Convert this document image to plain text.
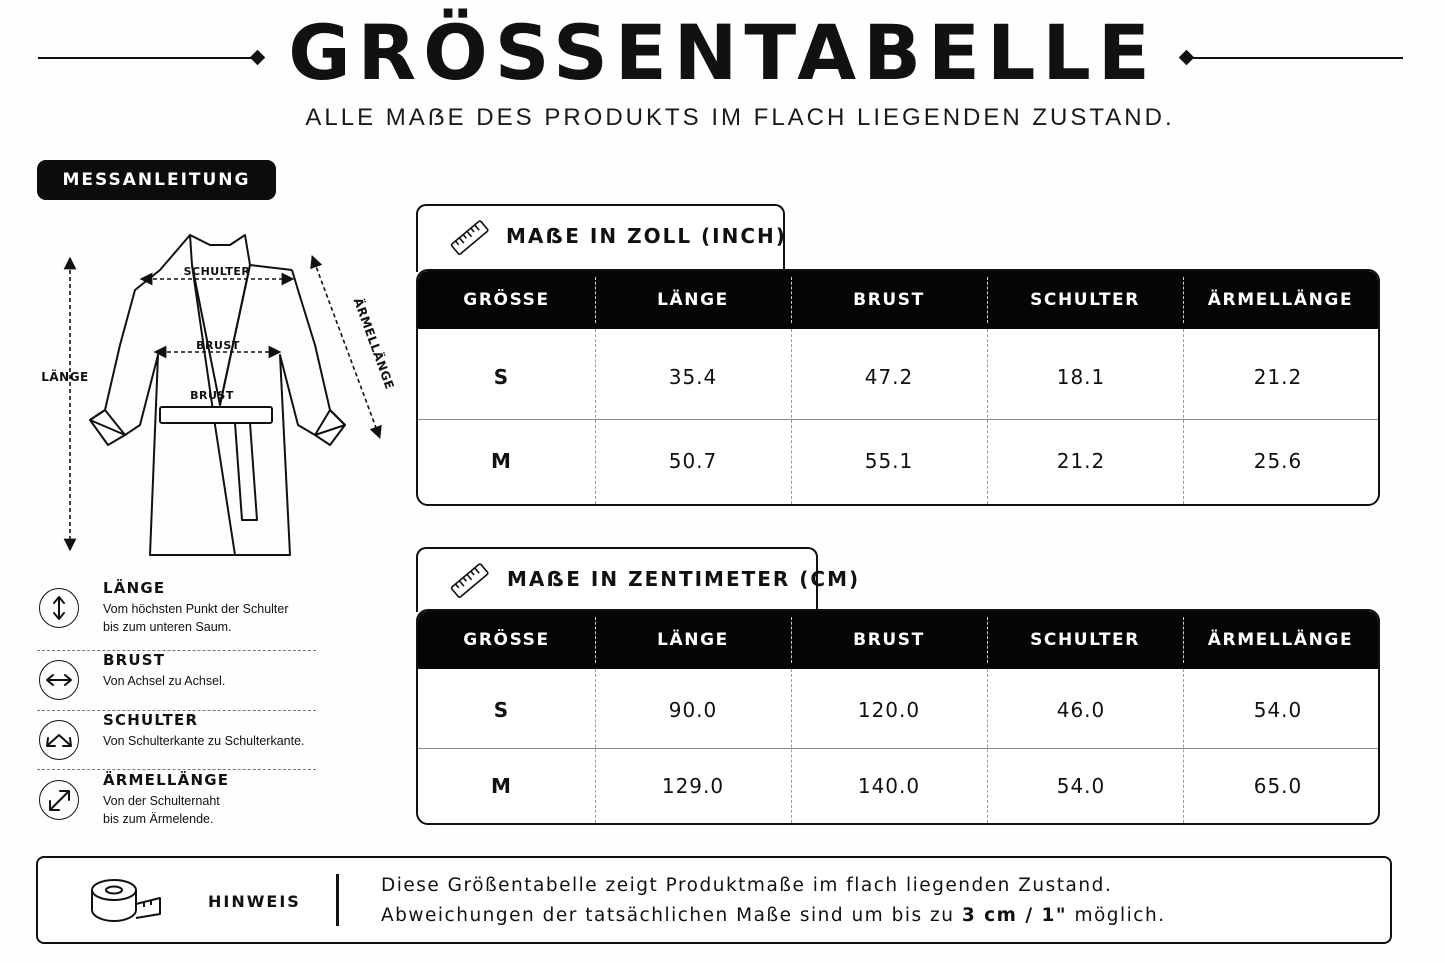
GRÖSSENTABELLE
ALLE MAẞE DES PRODUKTS IM FLACH LIEGENDEN ZUSTAND.
MESSANLEITUNG
SCHULTER
BRUST
BRUST
LÄNGE	ÄRMELLÄNGE
LÄNGE
Vom höchsten Punkt der Schulter
bis zum unteren Saum.
BRUST
Von Achsel zu Achsel.
SCHULTER
Von Schulterkante zu Schulterkante.
ÄRMELLÄNGE
Von der Schulternaht
bis zum Ärmelende.
MAẞE IN ZOLL (INCH)
GRÖSSE	LÄNGE	BRUST	SCHULTER	ÄRMELLÄNGE
S	35.4	47.2	18.1	21.2
M	50.7	55.1	21.2	25.6
MAẞE IN ZENTIMETER (CM)
GRÖSSE	LÄNGE	BRUST	SCHULTER	ÄRMELLÄNGE
S	90.0	120.0	46.0	54.0
M	129.0	140.0	54.0	65.0
HINWEIS
Diese Größentabelle zeigt Produktmaße im flach liegenden Zustand.
Abweichungen der tatsächlichen Maße sind um bis zu 3 cm / 1" möglich.
